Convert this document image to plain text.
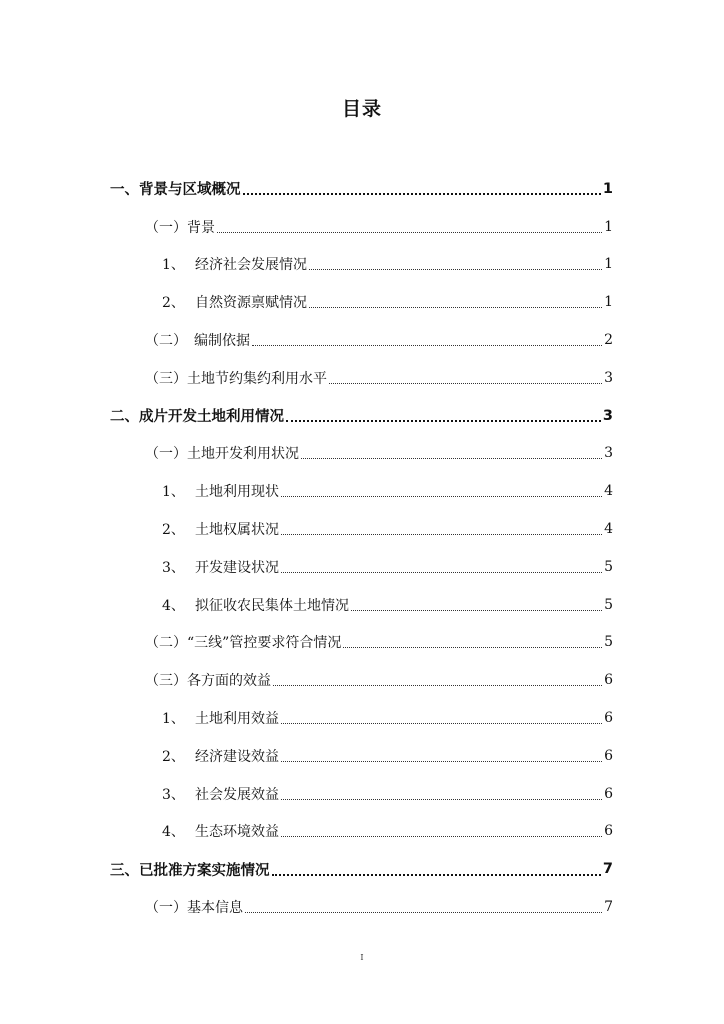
目录
一、背景与区域概况	1
（一）背景	1
1、 经济社会发展情况	1
2、 自然资源禀赋情况	1
（二）　编制依据	2
（三）土地节约集约利用水平	3
二、成片开发土地利用情况	3
（一）土地开发利用状况	3
1、 土地利用现状	4
2、 土地权属状况	4
3、 开发建设状况	5
4、 拟征收农民集体土地情况	5
（二）“三线”管控要求符合情况	5
（三）各方面的效益	6
1、 土地利用效益	6
2、 经济建设效益	6
3、 社会发展效益	6
4、 生态环境效益	6
三、已批准方案实施情况	7
（一）基本信息	7
I
